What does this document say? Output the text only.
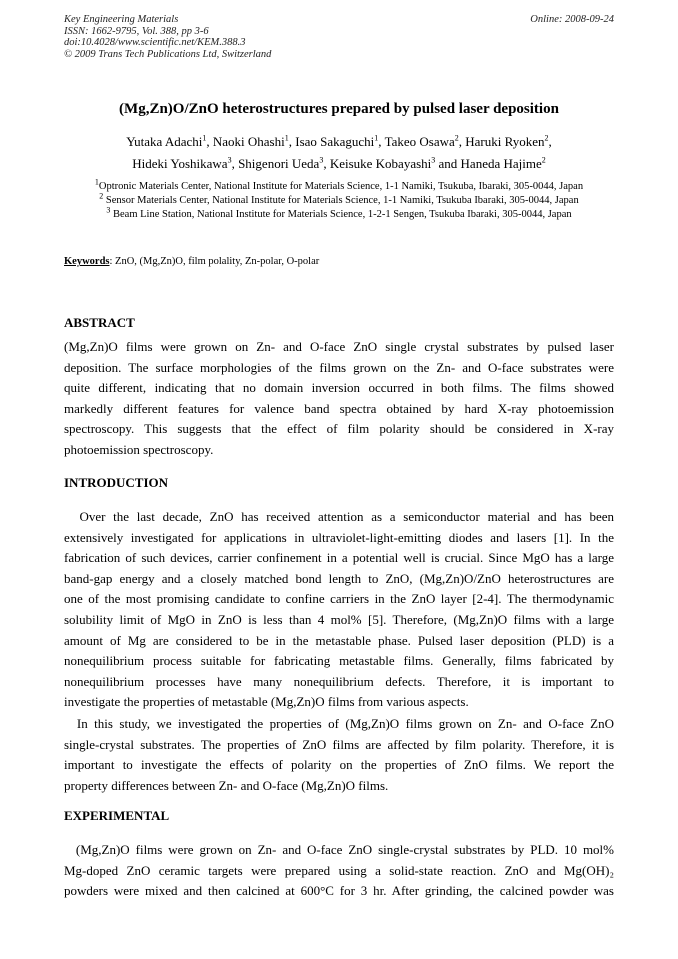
Key Engineering Materials
ISSN: 1662-9795, Vol. 388, pp 3-6
doi:10.4028/www.scientific.net/KEM.388.3
© 2009 Trans Tech Publications Ltd, Switzerland
Online: 2008-09-24
(Mg,Zn)O/ZnO heterostructures prepared by pulsed laser deposition
Yutaka Adachi$^1$, Naoki Ohashi$^1$, Isao Sakaguchi$^1$, Takeo Osawa$^2$, Haruki Ryoken$^2$,
Hideki Yoshikawa$^3$, Shigenori Ueda$^3$, Keisuke Kobayashi$^3$ and Haneda Hajime$^2$
$^1$Optronic Materials Center, National Institute for Materials Science, 1-1 Namiki, Tsukuba, Ibaraki, 305-0044, Japan
$^2$ Sensor Materials Center, National Institute for Materials Science, 1-1 Namiki, Tsukuba Ibaraki, 305-0044, Japan
$^3$ Beam Line Station, National Institute for Materials Science, 1-2-1 Sengen, Tsukuba Ibaraki, 305-0044, Japan
Keywords: ZnO, (Mg,Zn)O, film polality, Zn-polar, O-polar
ABSTRACT
(Mg,Zn)O films were grown on Zn- and O-face ZnO single crystal substrates by pulsed laser
deposition. The surface morphologies of the films grown on the Zn- and O-face substrates were
quite different, indicating that no domain inversion occurred in both films. The films showed
markedly different features for valence band spectra obtained by hard X-ray photoemission
spectroscopy. This suggests that the effect of film polarity should be considered in X-ray
photoemission spectroscopy.
INTRODUCTION
Over the last decade, ZnO has received attention as a semiconductor material and has been
extensively investigated for applications in ultraviolet-light-emitting diodes and lasers [1]. In the
fabrication of such devices, carrier confinement in a potential well is crucial. Since MgO has a large
band-gap energy and a closely matched bond length to ZnO, (Mg,Zn)O/ZnO heterostructures are
one of the most promising candidate to confine carriers in the ZnO layer [2-4]. The thermodynamic
solubility limit of MgO in ZnO is less than 4 mol% [5]. Therefore, (Mg,Zn)O films with a large
amount of Mg are considered to be in the metastable phase. Pulsed laser deposition (PLD) is a
nonequilibrium process suitable for fabricating metastable films. Generally, films fabricated by
nonequilibrium processes have many nonequilibrium defects. Therefore, it is important to
investigate the properties of metastable (Mg,Zn)O films from various aspects.
In this study, we investigated the properties of (Mg,Zn)O films grown on Zn- and O-face ZnO
single-crystal substrates. The properties of ZnO films are affected by film polarity. Therefore, it is
important to investigate the effects of polarity on the properties of ZnO films. We report the
property differences between Zn- and O-face (Mg,Zn)O films.
EXPERIMENTAL
(Mg,Zn)O films were grown on Zn- and O-face ZnO single-crystal substrates by PLD. 10 mol%
Mg-doped ZnO ceramic targets were prepared using a solid-state reaction. ZnO and Mg(OH)₂
powders were mixed and then calcined at 600°C for 3 hr. After grinding, the calcined powder was
